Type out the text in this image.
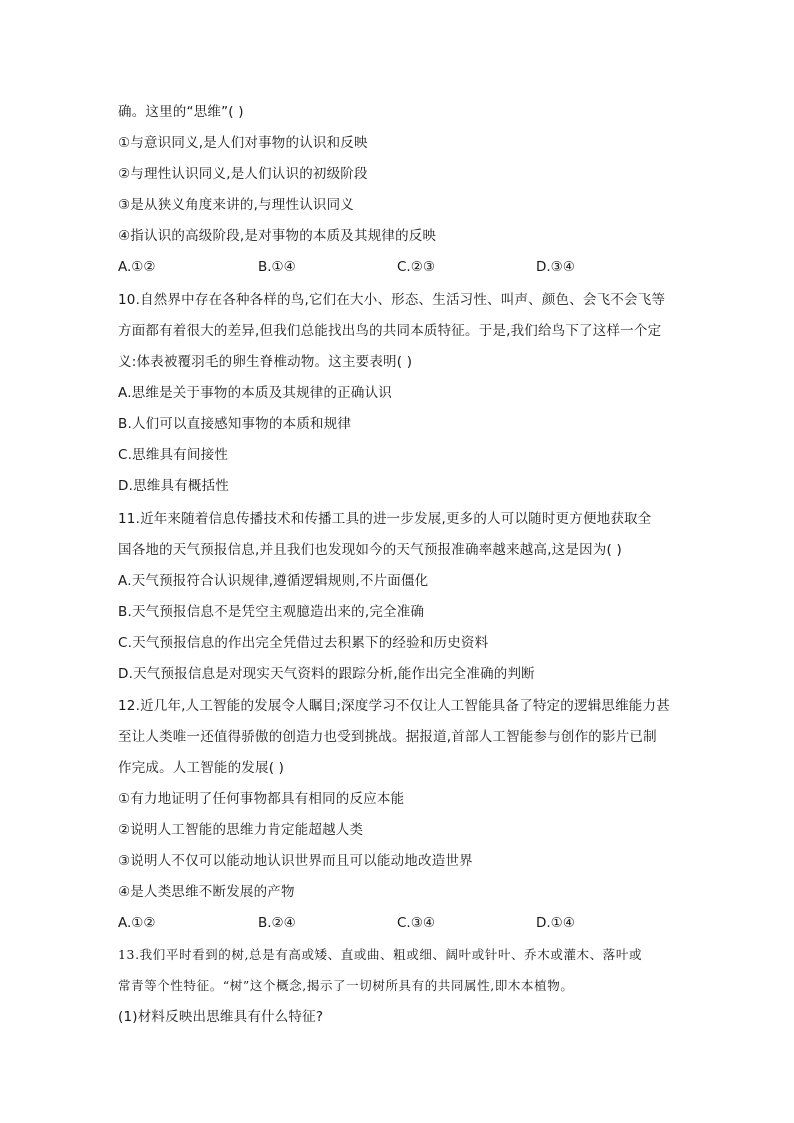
确。这里的“思维”( )
①与意识同义,是人们对事物的认识和反映
②与理性认识同义,是人们认识的初级阶段
③是从狭义角度来讲的,与理性认识同义
④指认识的高级阶段,是对事物的本质及其规律的反映
A.①②	B.①④	C.②③	D.③④
10.自然界中存在各种各样的鸟,它们在大小、形态、生活习性、叫声、颜色、会飞不会飞等
方面都有着很大的差异,但我们总能找出鸟的共同本质特征。于是,我们给鸟下了这样一个定
义:体表被覆羽毛的卵生脊椎动物。这主要表明( )
A.思维是关于事物的本质及其规律的正确认识
B.人们可以直接感知事物的本质和规律
C.思维具有间接性
D.思维具有概括性
11.近年来随着信息传播技术和传播工具的进一步发展,更多的人可以随时更方便地获取全
国各地的天气预报信息,并且我们也发现如今的天气预报准确率越来越高,这是因为( )
A.天气预报符合认识规律,遵循逻辑规则,不片面僵化
B.天气预报信息不是凭空主观臆造出来的,完全准确
C.天气预报信息的作出完全凭借过去积累下的经验和历史资料
D.天气预报信息是对现实天气资料的跟踪分析,能作出完全准确的判断
12.近几年,人工智能的发展令人瞩目;深度学习不仅让人工智能具备了特定的逻辑思维能力甚
至让人类唯一还值得骄傲的创造力也受到挑战。据报道,首部人工智能参与创作的影片已制
作完成。人工智能的发展( )
①有力地证明了任何事物都具有相同的反应本能
②说明人工智能的思维力肯定能超越人类
③说明人不仅可以能动地认识世界而且可以能动地改造世界
④是人类思维不断发展的产物
A.①②	B.②④	C.③④	D.①④
13.我们平时看到的树,总是有高或矮、直或曲、粗或细、阔叶或针叶、乔木或灌木、落叶或
常青等个性特征。“树”这个概念,揭示了一切树所具有的共同属性,即木本植物。
(1)材料反映出思维具有什么特征?
